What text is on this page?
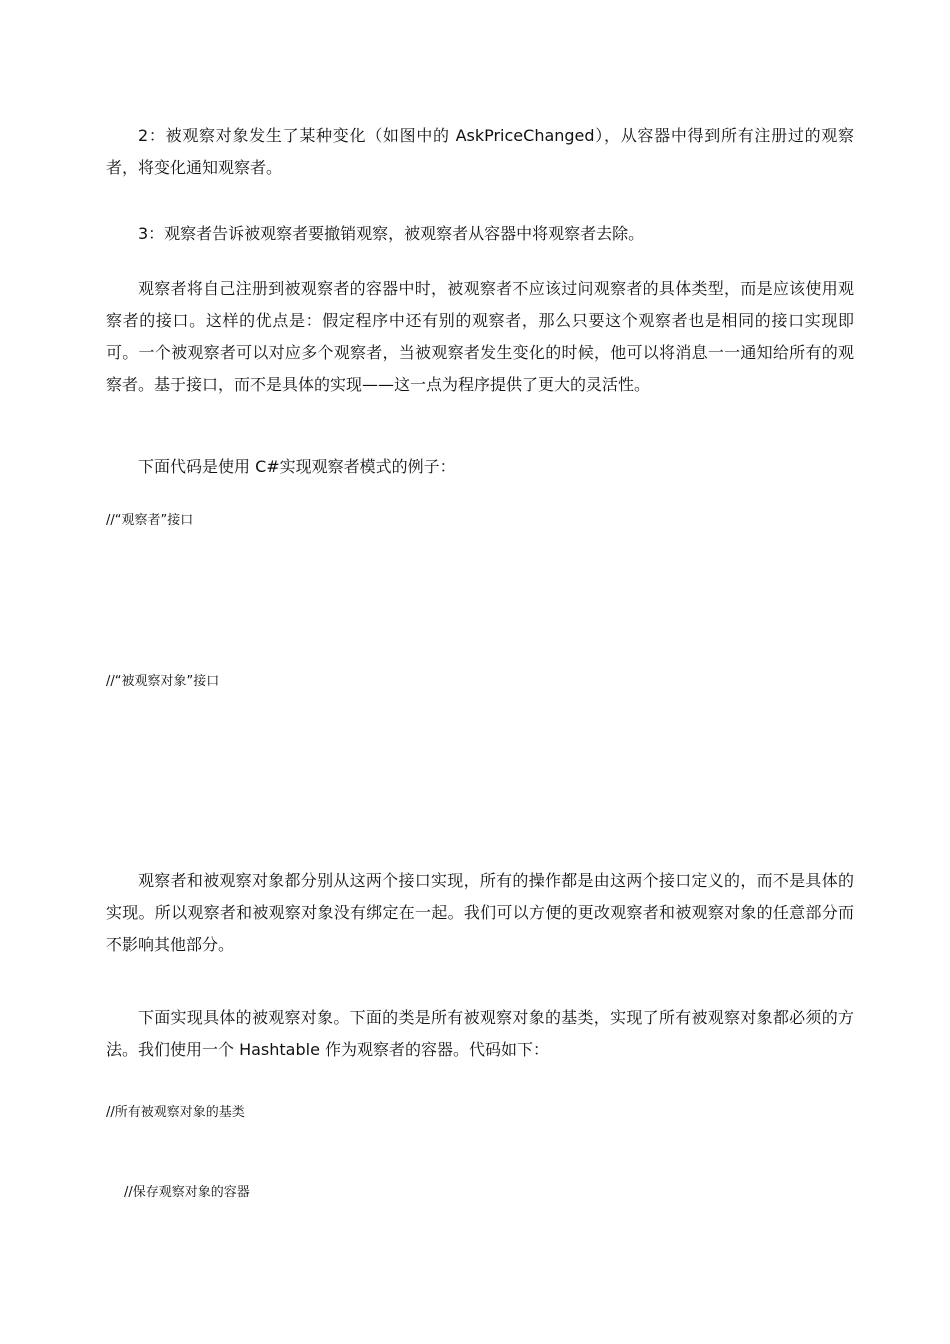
2：被观察对象发生了某种变化（如图中的 AskPriceChanged），从容器中得到所有注册过的观察者，将变化通知观察者。

3：观察者告诉被观察者要撤销观察，被观察者从容器中将观察者去除。

观察者将自己注册到被观察者的容器中时，被观察者不应该过问观察者的具体类型，而是应该使用观察者的接口。这样的优点是：假定程序中还有别的观察者，那么只要这个观察者也是相同的接口实现即可。一个被观察者可以对应多个观察者，当被观察者发生变化的时候，他可以将消息一一通知给所有的观察者。基于接口，而不是具体的实现——这一点为程序提供了更大的灵活性。

下面代码是使用 C#实现观察者模式的例子：

//“观察者”接口

//“被观察对象”接口

观察者和被观察对象都分别从这两个接口实现，所有的操作都是由这两个接口定义的，而不是具体的实现。所以观察者和被观察对象没有绑定在一起。我们可以方便的更改观察者和被观察对象的任意部分而不影响其他部分。

下面实现具体的被观察对象。下面的类是所有被观察对象的基类，实现了所有被观察对象都必须的方法。我们使用一个 Hashtable 作为观察者的容器。代码如下：

//所有被观察对象的基类

//保存观察对象的容器
